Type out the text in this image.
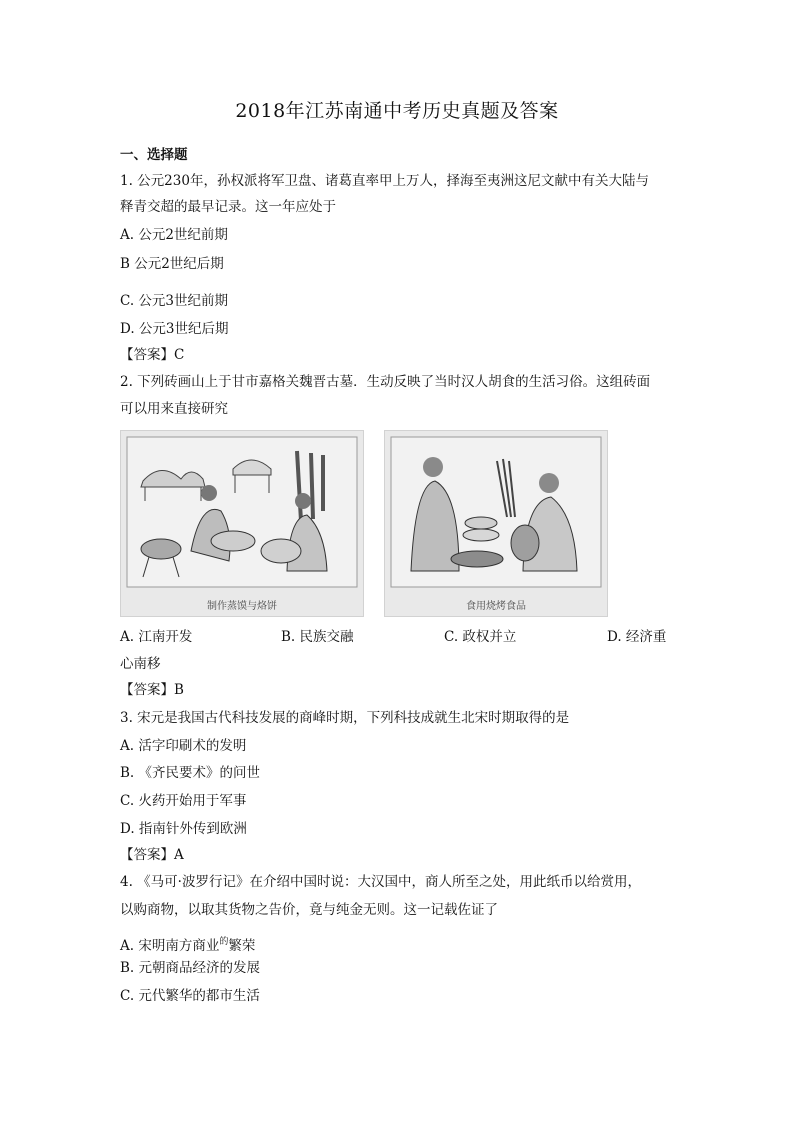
2018年江苏南通中考历史真题及答案
一、选择题
1. 公元230年，孙权派将军卫盘、诸葛直率甲上万人，择海至夷洲这尼文献中有关大陆与
释青交超的最早记录。这一年应处于
A. 公元2世纪前期
B 公元2世纪后期
C. 公元3世纪前期
D. 公元3世纪后期
【答案】C
2. 下列砖画山上于甘市嘉格关魏晋古墓．生动反映了当时汉人胡食的生活习俗。这组砖面
可以用来直接研究
制作蒸馍与烙饼	食用烧烤食品
A. 江南开发	B. 民族交融	C. 政权并立	D. 经济重
心南移
【答案】B
3. 宋元是我国古代科技发展的商峰时期，下列科技成就生北宋时期取得的是
A. 活字印刷术的发明
B. 《齐民要术》的问世
C. 火药开始用于军事
D. 指南针外传到欧洲
【答案】A
4. 《马可·波罗行记》在介绍中国时说：大汉国中，商人所至之处，用此纸币以给赏用，
以购商物，以取其货物之告价，竟与纯金无则。这一记载佐证了
A. 宋明南方商业$^的$繁荣
B. 元朝商品经济的发展
C. 元代繁华的都市生活
